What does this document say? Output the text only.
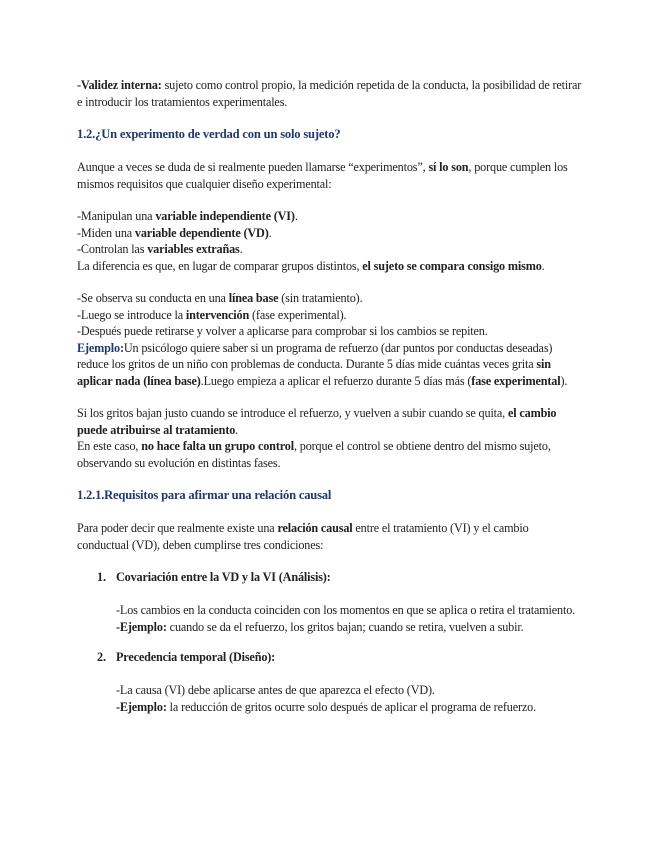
-Validez interna: sujeto como control propio, la medición repetida de la conducta, la posibilidad de retirar e introducir los tratamientos experimentales.

1.2.¿Un experimento de verdad con un solo sujeto?

Aunque a veces se duda de si realmente pueden llamarse “experimentos”, sí lo son, porque cumplen los mismos requisitos que cualquier diseño experimental:

-Manipulan una variable independiente (VI).

-Miden una variable dependiente (VD).

-Controlan las variables extrañas.

La diferencia es que, en lugar de comparar grupos distintos, el sujeto se compara consigo mismo.

-Se observa su conducta en una línea base (sin tratamiento).

-Luego se introduce la intervención (fase experimental).

-Después puede retirarse y volver a aplicarse para comprobar si los cambios se repiten.

Ejemplo:Un psicólogo quiere saber si un programa de refuerzo (dar puntos por conductas deseadas) reduce los gritos de un niño con problemas de conducta. Durante 5 días mide cuántas veces grita sin aplicar nada (línea base).Luego empieza a aplicar el refuerzo durante 5 días más (fase experimental).

Si los gritos bajan justo cuando se introduce el refuerzo, y vuelven a subir cuando se quita, el cambio puede atribuirse al tratamiento.

En este caso, no hace falta un grupo control, porque el control se obtiene dentro del mismo sujeto, observando su evolución en distintas fases.

1.2.1.Requisitos para afirmar una relación causal

Para poder decir que realmente existe una relación causal entre el tratamiento (VI) y el cambio conductual (VD), deben cumplirse tres condiciones:

1. Covariación entre la VD y la VI (Análisis):

-Los cambios en la conducta coinciden con los momentos en que se aplica o retira el tratamiento.

-Ejemplo: cuando se da el refuerzo, los gritos bajan; cuando se retira, vuelven a subir.

2. Precedencia temporal (Diseño):

-La causa (VI) debe aplicarse antes de que aparezca el efecto (VD).

-Ejemplo: la reducción de gritos ocurre solo después de aplicar el programa de refuerzo.
